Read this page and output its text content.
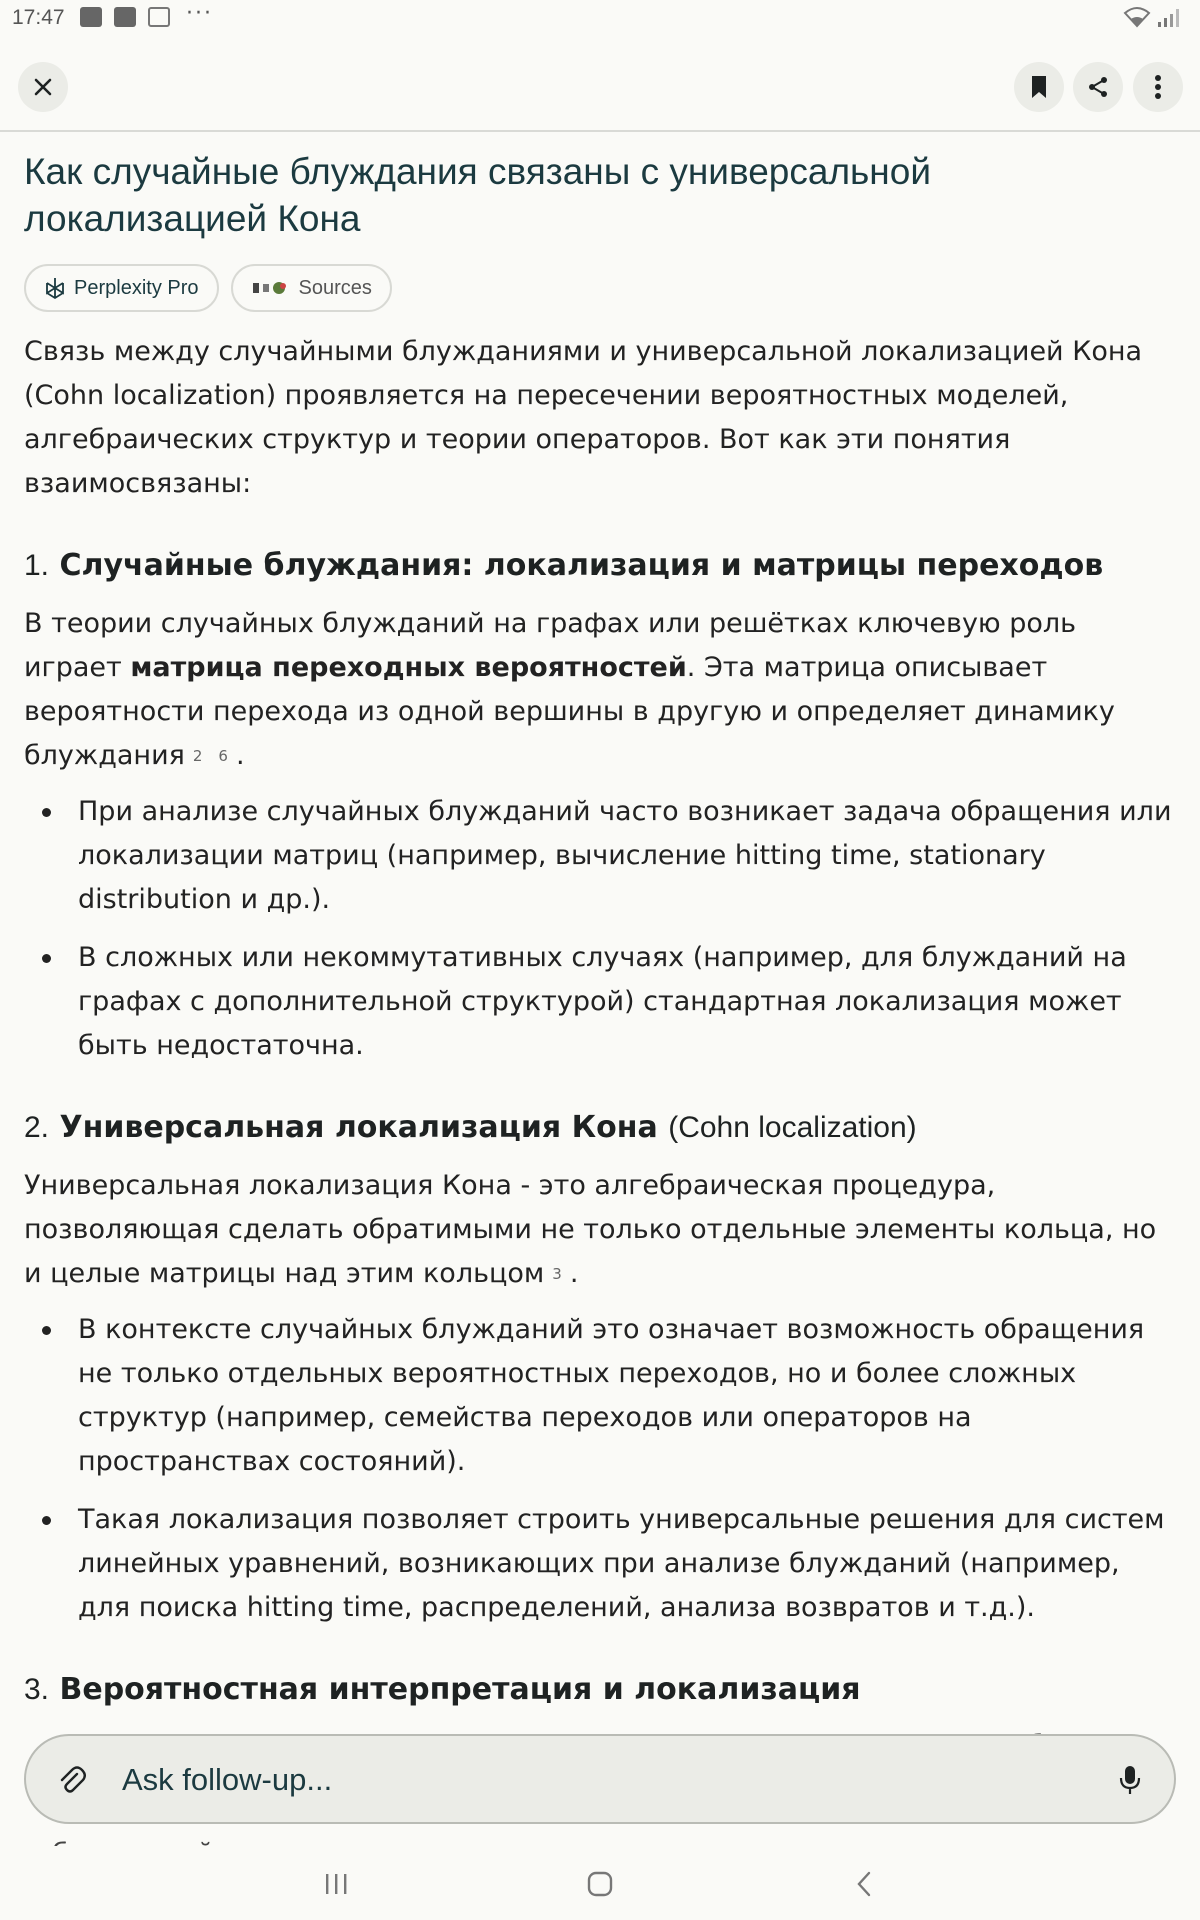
17:47	···
Как случайные блуждания связаны с универсальной локализацией Кона
Perplexity Pro	Sources

Связь между случайными блужданиями и универсальной локализацией Кона (Cohn localization) проявляется на пересечении вероятностных моделей, алгебраических структур и теории операторов. Вот как эти понятия взаимосвязаны:

1. Случайные блуждания: локализация и матрицы переходов

В теории случайных блужданий на графах или решётках ключевую роль играет матрица переходных вероятностей. Эта матрица описывает вероятности перехода из одной вершины в другую и определяет динамику блуждания 2 6 .

При анализе случайных блужданий часто возникает задача обращения или локализации матриц (например, вычисление hitting time, stationary distribution и др.).
В сложных или некоммутативных случаях (например, для блужданий на графах с дополнительной структурой) стандартная локализация может быть недостаточна.
2. Универсальная локализация Кона (Cohn localization)

Универсальная локализация Кона - это алгебраическая процедура, позволяющая сделать обратимыми не только отдельные элементы кольца, но и целые матрицы над этим кольцом 3 .

В контексте случайных блужданий это означает возможность обращения не только отдельных вероятностных переходов, но и более сложных структур (например, семейства переходов или операторов на пространствах состояний).
Такая локализация позволяет строить универсальные решения для систем линейных уравнений, возникающих при анализе блужданий (например, для поиска hitting time, распределений, анализа возвратов и т.д.).
3. Вероятностная интерпретация и локализация
Ask follow-up...
